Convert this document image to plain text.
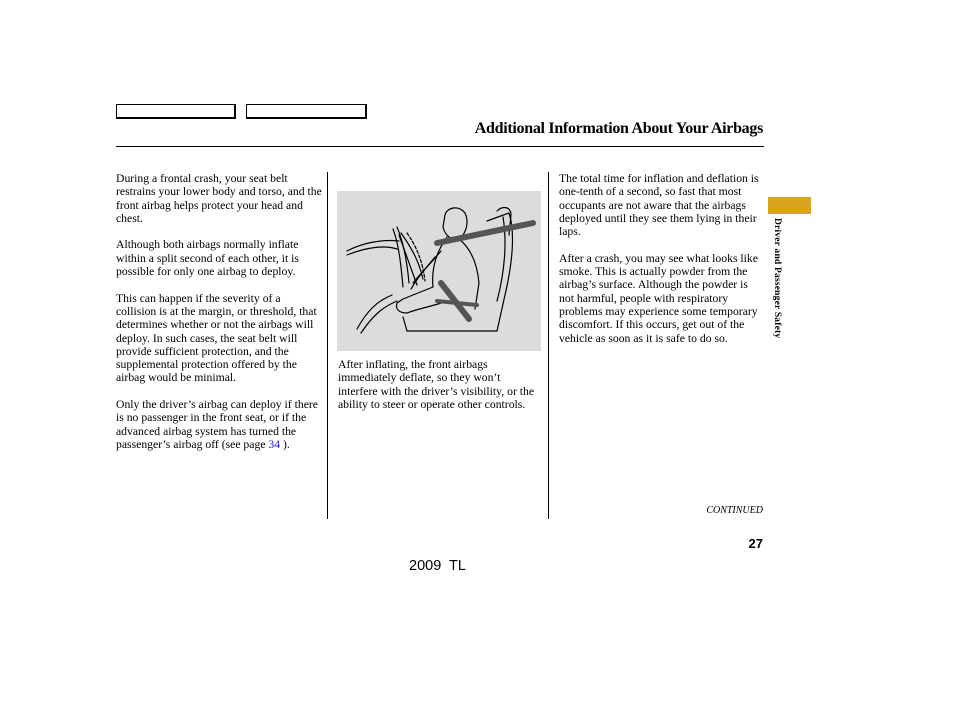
Additional Information About Your Airbags

During a frontal crash, your seat belt restrains your lower body and torso, and the front airbag helps protect your head and chest.

Although both airbags normally inflate within a split second of each other, it is possible for only one airbag to deploy.

This can happen if the severity of a collision is at the margin, or threshold, that determines whether or not the airbags will deploy. In such cases, the seat belt will provide sufficient protection, and the supplemental protection offered by the airbag would be minimal.

Only the driver’s airbag can deploy if there is no passenger in the front seat, or if the advanced airbag system has turned the passenger’s airbag off (see page 34 ).

After inflating, the front airbags immediately deflate, so they won’t interfere with the driver’s visibility, or the ability to steer or operate other controls.

The total time for inflation and deflation is one-tenth of a second, so fast that most occupants are not aware that the airbags deployed until they see them lying in their laps.

After a crash, you may see what looks like smoke. This is actually powder from the airbag’s surface. Although the powder is not harmful, people with respiratory problems may experience some temporary discomfort. If this occurs, get out of the vehicle as soon as it is safe to do so.	Driver and Passenger Safety
CONTINUED
27
2009  TL
